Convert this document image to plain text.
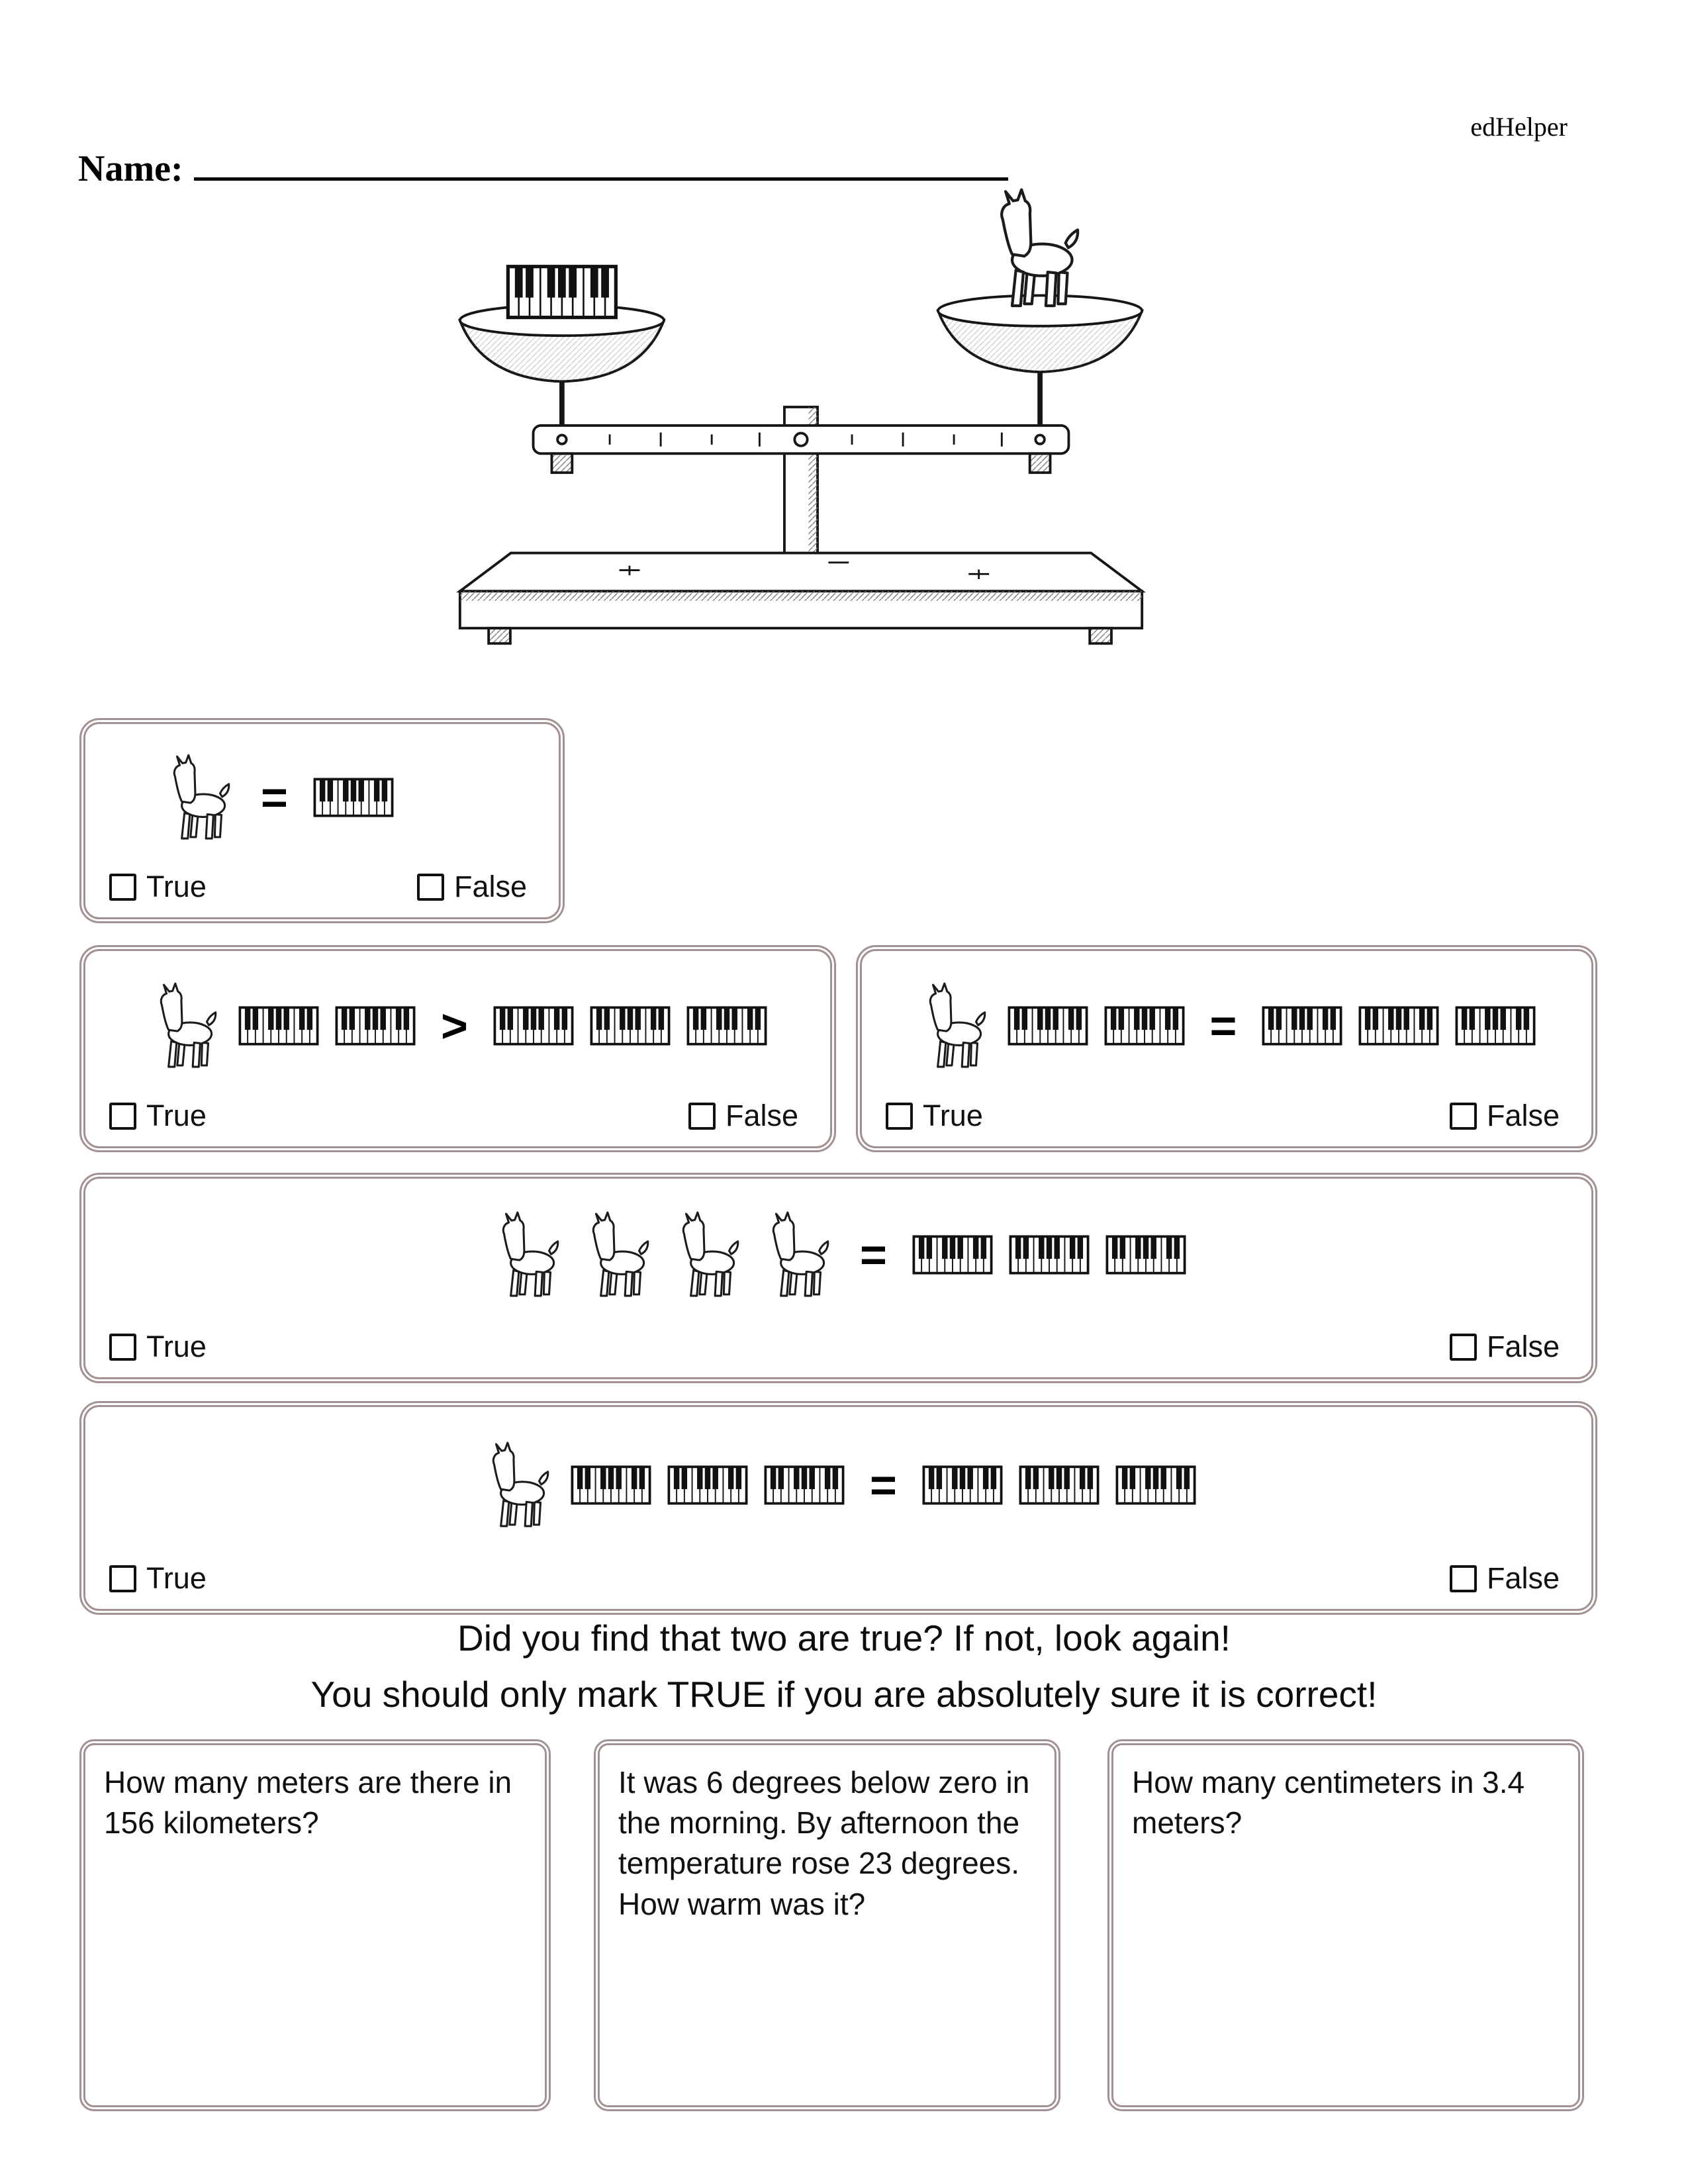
edHelper
Name:
=
True	False
>
True	False
=
True	False
=
True	False
=
True	False
Did you find that two are true? If not, look again!
You should only mark TRUE if you are absolutely sure it is correct!

How many meters are there in 156 kilometers?

It was 6 degrees below zero in the morning. By afternoon the temperature rose 23 degrees. How warm was it?

How many centimeters in 3.4 meters?
